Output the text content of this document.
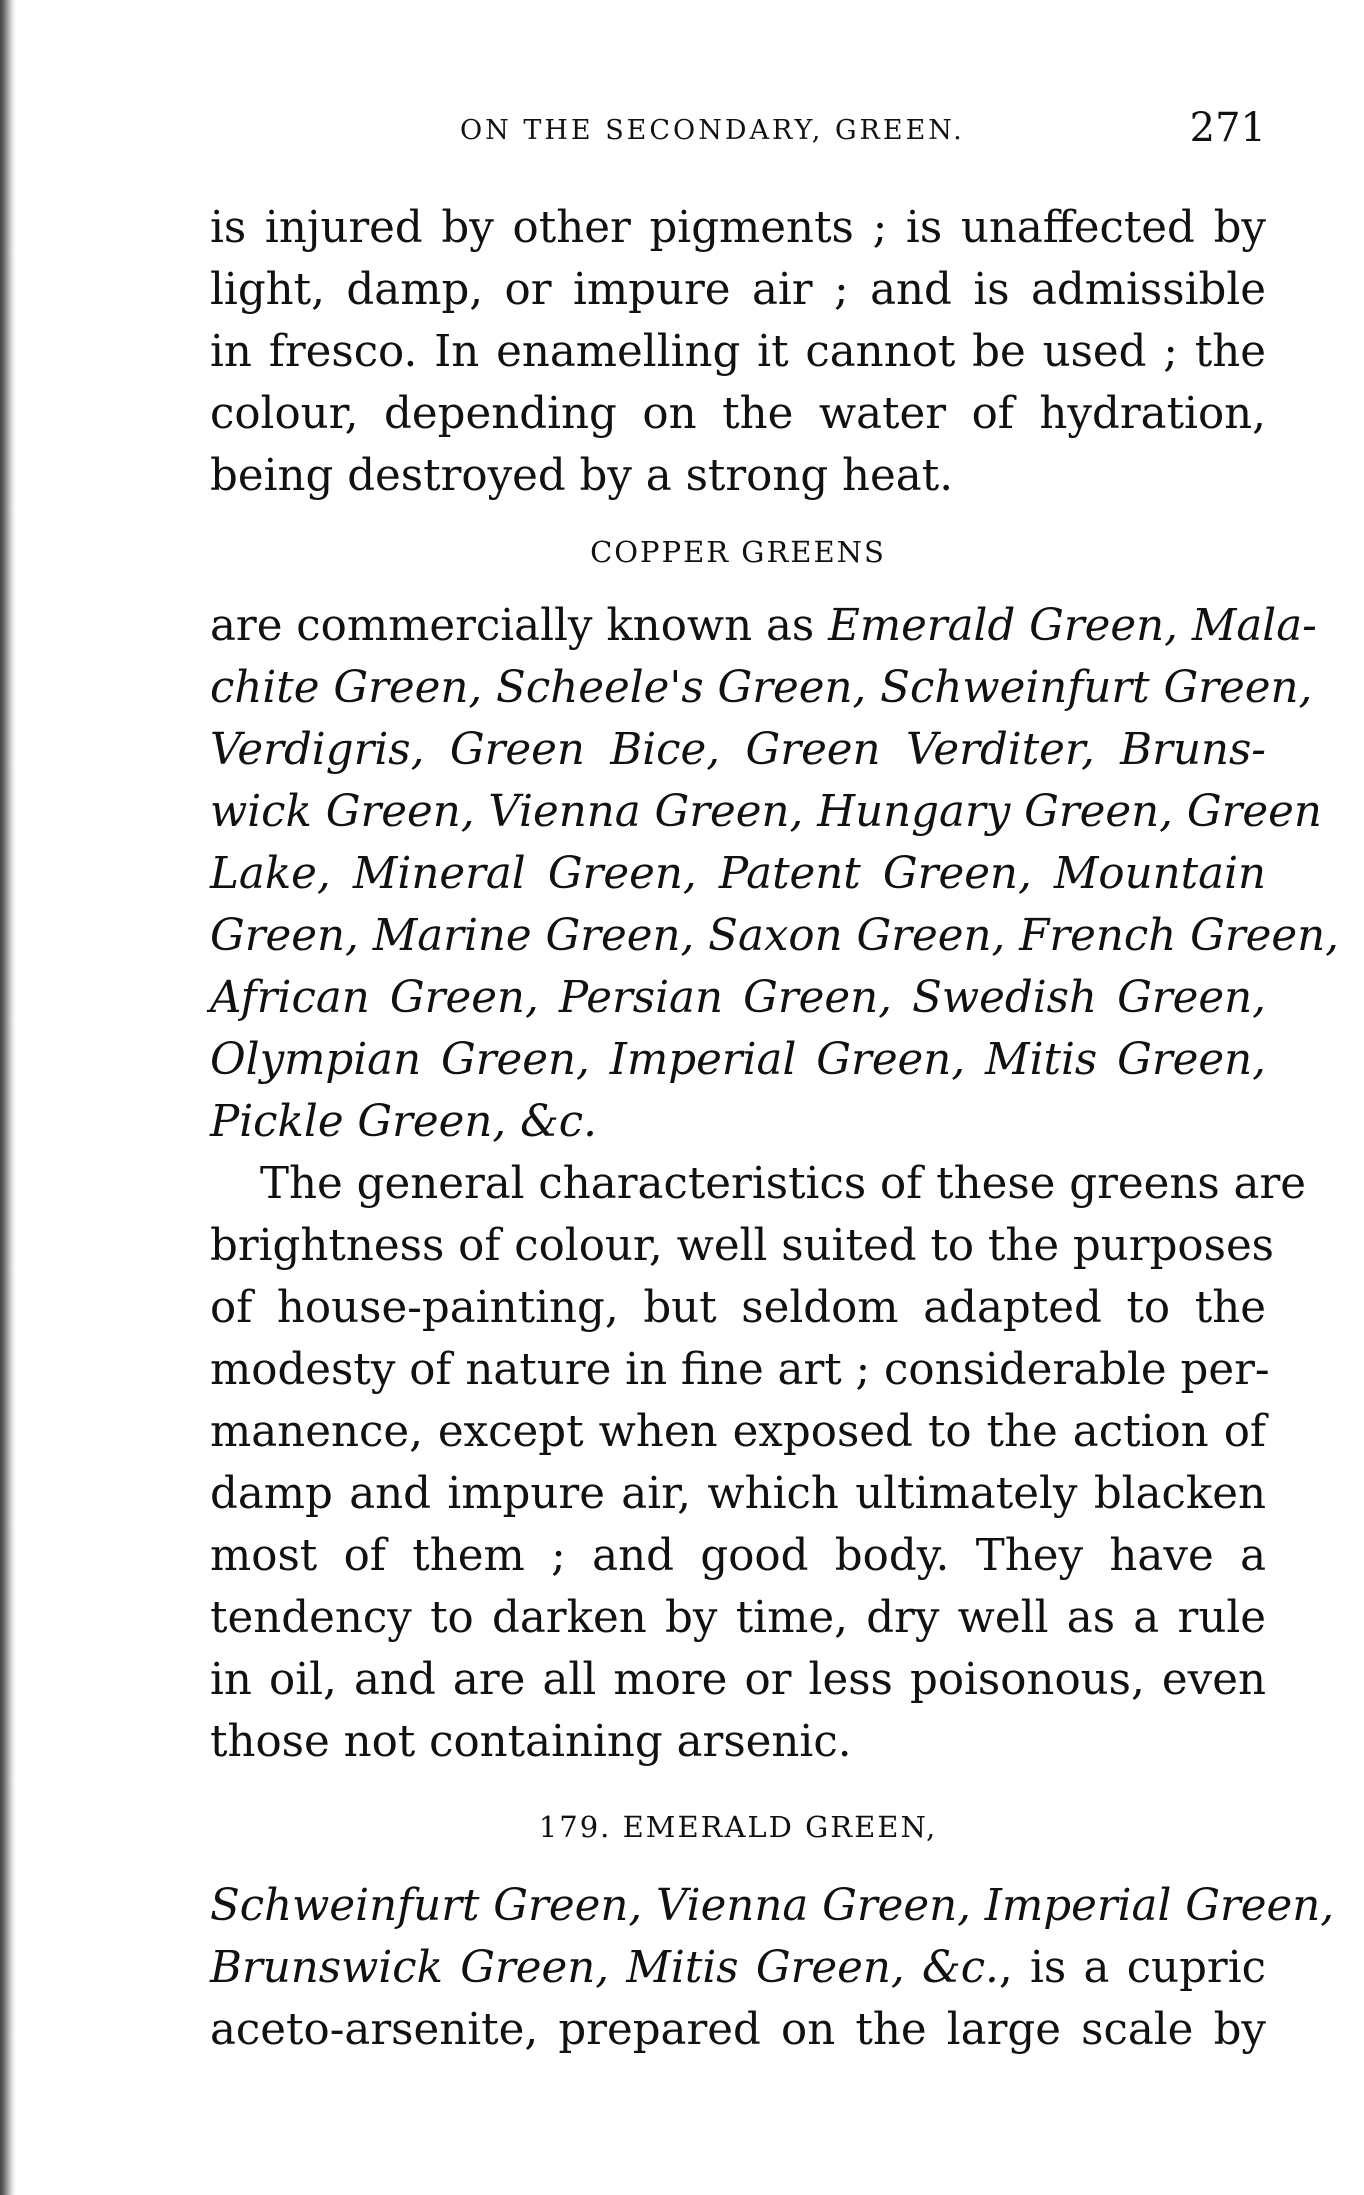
ON THE SECONDARY, GREEN.	271
is injured by other pigments ; is unaffected by
light, damp, or impure air ; and is admissible
in fresco. In enamelling it cannot be used ; the
colour, depending on the water of hydration,
being destroyed by a strong heat.
COPPER GREENS
are commercially known as Emerald Green, Mala-
chite Green, Scheele's Green, Schweinfurt Green,
Verdigris, Green Bice, Green Verditer, Bruns-
wick Green, Vienna Green, Hungary Green, Green
Lake, Mineral Green, Patent Green, Mountain
Green, Marine Green, Saxon Green, French Green,
African Green, Persian Green, Swedish Green,
Olympian Green, Imperial Green, Mitis Green,
Pickle Green, &c.
The general characteristics of these greens are
brightness of colour, well suited to the purposes
of house-painting, but seldom adapted to the
modesty of nature in fine art ; considerable per-
manence, except when exposed to the action of
damp and impure air, which ultimately blacken
most of them ; and good body. They have a
tendency to darken by time, dry well as a rule
in oil, and are all more or less poisonous, even
those not containing arsenic.
179. EMERALD GREEN,
Schweinfurt Green, Vienna Green, Imperial Green,
Brunswick Green, Mitis Green, &c., is a cupric
aceto-arsenite, prepared on the large scale by
